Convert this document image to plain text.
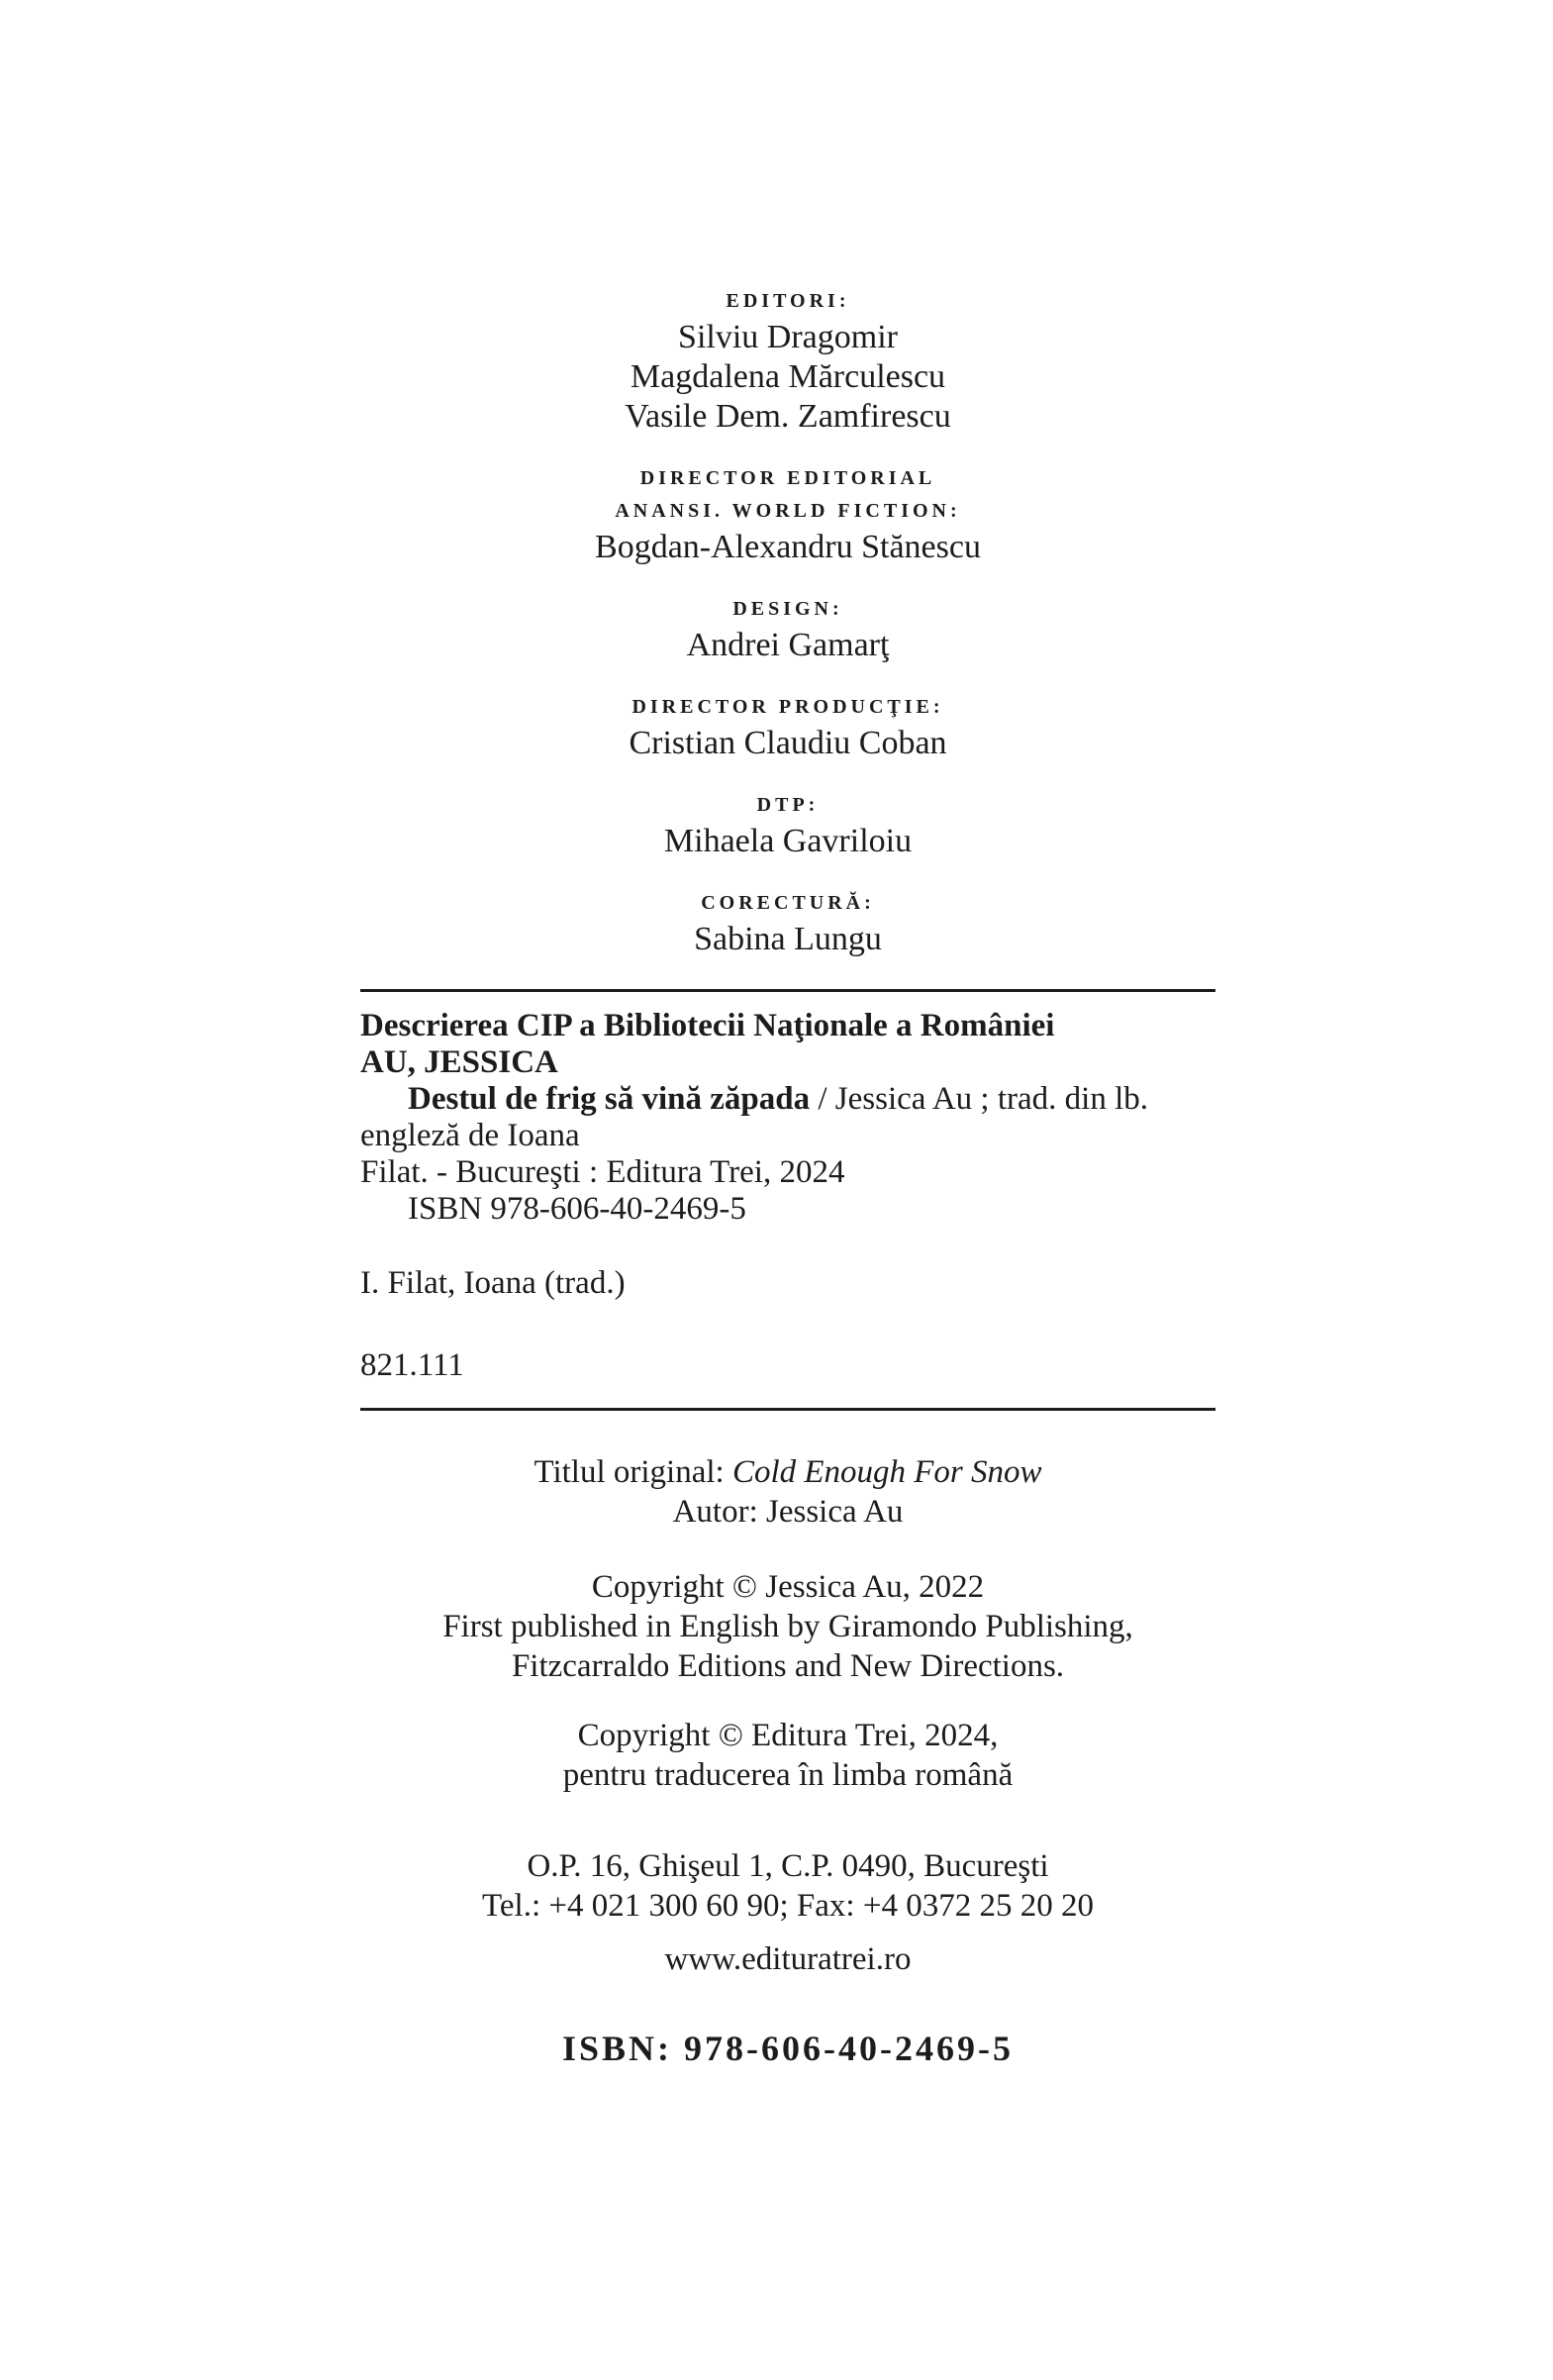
EDITORI:
Silviu Dragomir
Magdalena Mărculescu
Vasile Dem. Zamfirescu
DIRECTOR EDITORIAL
ANANSI. WORLD FICTION:
Bogdan-Alexandru Stănescu
DESIGN:
Andrei Gamarţ
DIRECTOR PRODUCŢIE:
Cristian Claudiu Coban
DTP:
Mihaela Gavriloiu
CORECTURĂ:
Sabina Lungu
Descrierea CIP a Bibliotecii Naţionale a României
AU, JESSICA
Destul de frig să vină zăpada / Jessica Au ; trad. din lb. engleză de Ioana
Filat. - Bucureşti : Editura Trei, 2024
ISBN 978-606-40-2469-5
I. Filat, Ioana (trad.)
821.111
Titlul original: Cold Enough For Snow
Autor: Jessica Au
Copyright © Jessica Au, 2022
First published in English by Giramondo Publishing,
Fitzcarraldo Editions and New Directions.
Copyright © Editura Trei, 2024,
pentru traducerea în limba română
O.P. 16, Ghişeul 1, C.P. 0490, Bucureşti
Tel.: +4 021 300 60 90; Fax: +4 0372 25 20 20
www.edituratrei.ro
ISBN: 978-606-40-2469-5
